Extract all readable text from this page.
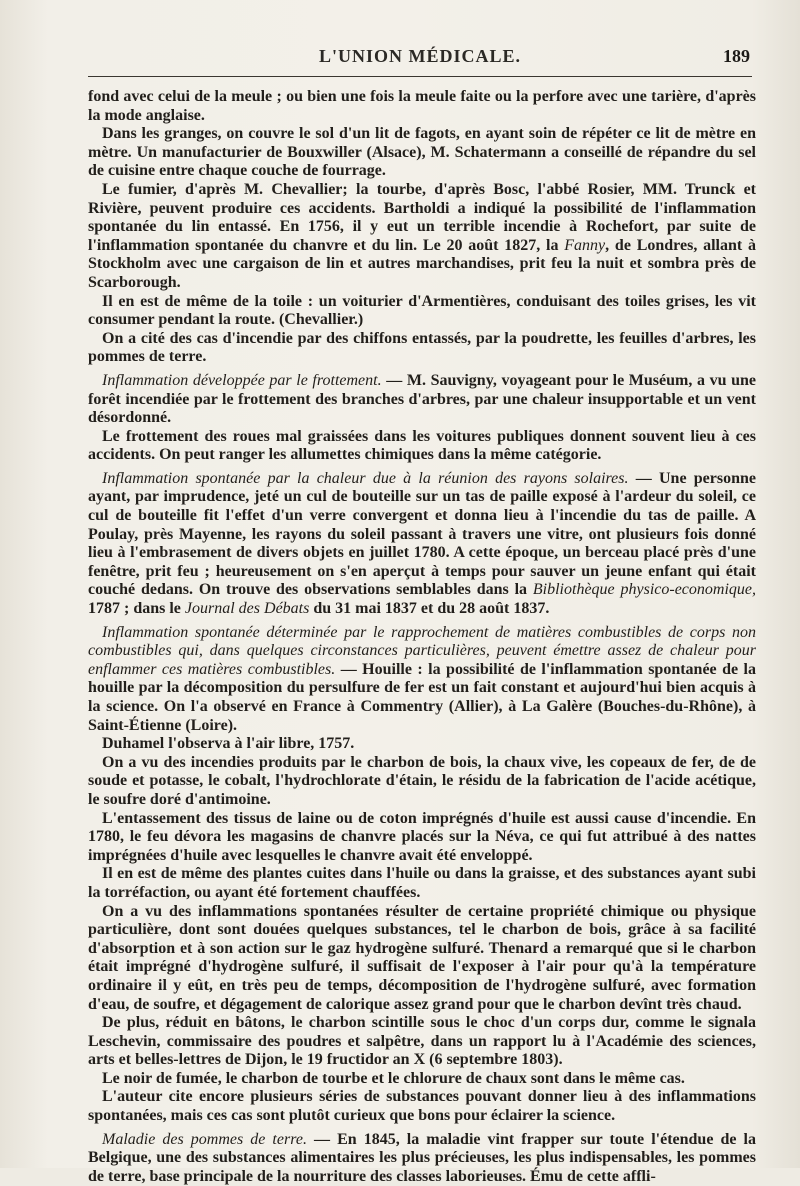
L'UNION MÉDICALE.	189

fond avec celui de la meule ; ou bien une fois la meule faite ou la perfore avec une tarière, d'après la mode anglaise.

Dans les granges, on couvre le sol d'un lit de fagots, en ayant soin de répéter ce lit de mètre en mètre. Un manufacturier de Bouxwiller (Alsace), M. Schatermann a conseillé de répandre du sel de cuisine entre chaque couche de fourrage.

Le fumier, d'après M. Chevallier; la tourbe, d'après Bosc, l'abbé Rosier, MM. Trunck et Rivière, peuvent produire ces accidents. Bartholdi a indiqué la possibilité de l'inflammation spontanée du lin entassé. En 1756, il y eut un terrible incendie à Rochefort, par suite de l'inflammation spontanée du chanvre et du lin. Le 20 août 1827, la Fanny, de Londres, allant à Stockholm avec une cargaison de lin et autres marchandises, prit feu la nuit et sombra près de Scarborough.

Il en est de même de la toile : un voiturier d'Armentières, conduisant des toiles grises, les vit consumer pendant la route. (Chevallier.)

On a cité des cas d'incendie par des chiffons entassés, par la poudrette, les feuilles d'arbres, les pommes de terre.

Inflammation développée par le frottement. — M. Sauvigny, voyageant pour le Muséum, a vu une forêt incendiée par le frottement des branches d'arbres, par une chaleur insupportable et un vent désordonné.

Le frottement des roues mal graissées dans les voitures publiques donnent souvent lieu à ces accidents. On peut ranger les allumettes chimiques dans la même catégorie.

Inflammation spontanée par la chaleur due à la réunion des rayons solaires. — Une personne ayant, par imprudence, jeté un cul de bouteille sur un tas de paille exposé à l'ardeur du soleil, ce cul de bouteille fit l'effet d'un verre convergent et donna lieu à l'incendie du tas de paille. A Poulay, près Mayenne, les rayons du soleil passant à travers une vitre, ont plusieurs fois donné lieu à l'embrasement de divers objets en juillet 1780. A cette époque, un berceau placé près d'une fenêtre, prit feu ; heureusement on s'en aperçut à temps pour sauver un jeune enfant qui était couché dedans. On trouve des observations semblables dans la Bibliothèque physico-economique, 1787 ; dans le Journal des Débats du 31 mai 1837 et du 28 août 1837.

Inflammation spontanée déterminée par le rapprochement de matières combustibles de corps non combustibles qui, dans quelques circonstances particulières, peuvent émettre assez de chaleur pour enflammer ces matières combustibles. — Houille : la possibilité de l'inflammation spontanée de la houille par la décomposition du persulfure de fer est un fait constant et aujourd'hui bien acquis à la science. On l'a observé en France à Commentry (Allier), à La Galère (Bouches-du-Rhône), à Saint-Étienne (Loire).

Duhamel l'observa à l'air libre, 1757.

On a vu des incendies produits par le charbon de bois, la chaux vive, les copeaux de fer, de de soude et potasse, le cobalt, l'hydrochlorate d'étain, le résidu de la fabrication de l'acide acétique, le soufre doré d'antimoine.

L'entassement des tissus de laine ou de coton imprégnés d'huile est aussi cause d'incendie. En 1780, le feu dévora les magasins de chanvre placés sur la Néva, ce qui fut attribué à des nattes imprégnées d'huile avec lesquelles le chanvre avait été enveloppé.

Il en est de même des plantes cuites dans l'huile ou dans la graisse, et des substances ayant subi la torréfaction, ou ayant été fortement chauffées.

On a vu des inflammations spontanées résulter de certaine propriété chimique ou physique particulière, dont sont douées quelques substances, tel le charbon de bois, grâce à sa facilité d'absorption et à son action sur le gaz hydrogène sulfuré. Thenard a remarqué que si le charbon était imprégné d'hydrogène sulfuré, il suffisait de l'exposer à l'air pour qu'à la température ordinaire il y eût, en très peu de temps, décomposition de l'hydrogène sulfuré, avec formation d'eau, de soufre, et dégagement de calorique assez grand pour que le charbon devînt très chaud.

De plus, réduit en bâtons, le charbon scintille sous le choc d'un corps dur, comme le signala Leschevin, commissaire des poudres et salpêtre, dans un rapport lu à l'Académie des sciences, arts et belles-lettres de Dijon, le 19 fructidor an X (6 septembre 1803).

Le noir de fumée, le charbon de tourbe et le chlorure de chaux sont dans le même cas.

L'auteur cite encore plusieurs séries de substances pouvant donner lieu à des inflammations spontanées, mais ces cas sont plutôt curieux que bons pour éclairer la science.

Maladie des pommes de terre. — En 1845, la maladie vint frapper sur toute l'étendue de la Belgique, une des substances alimentaires les plus précieuses, les plus indispensables, les pommes de terre, base principale de la nourriture des classes laborieuses. Ému de cette affli-
